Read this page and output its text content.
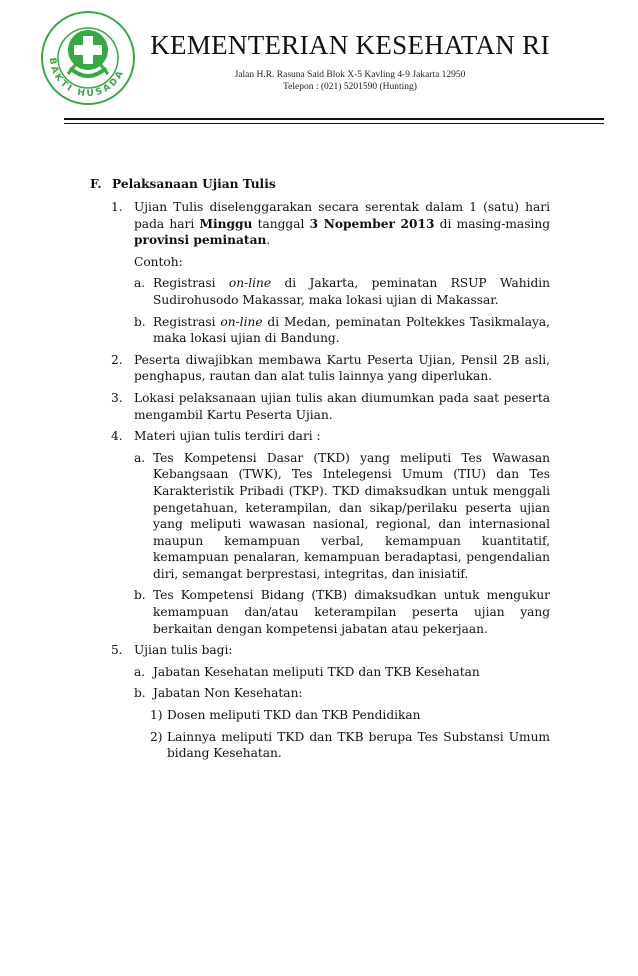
BAKTI HUSADA
KEMENTERIAN KESEHATAN RI
Jalan H.R. Rasuna Said Blok X-5 Kavling 4-9 Jakarta 12950
Telepon : (021) 5201590 (Hunting)
F. Pelaksanaan Ujian Tulis
1. Ujian Tulis diselenggarakan secara serentak dalam 1 (satu) hari pada hari Minggu tanggal 3 Nopember 2013 di masing-masing provinsi peminatan.
Contoh:
a. Registrasi on-line di Jakarta, peminatan RSUP Wahidin Sudirohusodo Makassar, maka lokasi ujian di Makassar.
b. Registrasi on-line di Medan, peminatan Poltekkes Tasikmalaya, maka lokasi ujian di Bandung.
2. Peserta diwajibkan membawa Kartu Peserta Ujian, Pensil 2B asli, penghapus, rautan dan alat tulis lainnya yang diperlukan.
3. Lokasi pelaksanaan ujian tulis akan diumumkan pada saat peserta mengambil Kartu Peserta Ujian.
4. Materi ujian tulis terdiri dari :
a. Tes Kompetensi Dasar (TKD) yang meliputi Tes Wawasan Kebangsaan (TWK), Tes Intelegensi Umum (TIU) dan Tes Karakteristik Pribadi (TKP). TKD dimaksudkan untuk menggali pengetahuan, keterampilan, dan sikap/perilaku peserta ujian yang meliputi wawasan nasional, regional, dan internasional maupun kemampuan verbal, kemampuan kuantitatif, kemampuan penalaran, kemampuan beradaptasi, pengendalian diri, semangat berprestasi, integritas, dan inisiatif.
b. Tes Kompetensi Bidang (TKB) dimaksudkan untuk mengukur kemampuan dan/atau keterampilan peserta ujian yang berkaitan dengan kompetensi jabatan atau pekerjaan.
5. Ujian tulis bagi:
a. Jabatan Kesehatan meliputi TKD dan TKB Kesehatan
b. Jabatan Non Kesehatan:
1) Dosen meliputi TKD dan TKB Pendidikan
2) Lainnya meliputi TKD dan TKB berupa Tes Substansi Umum bidang Kesehatan.
